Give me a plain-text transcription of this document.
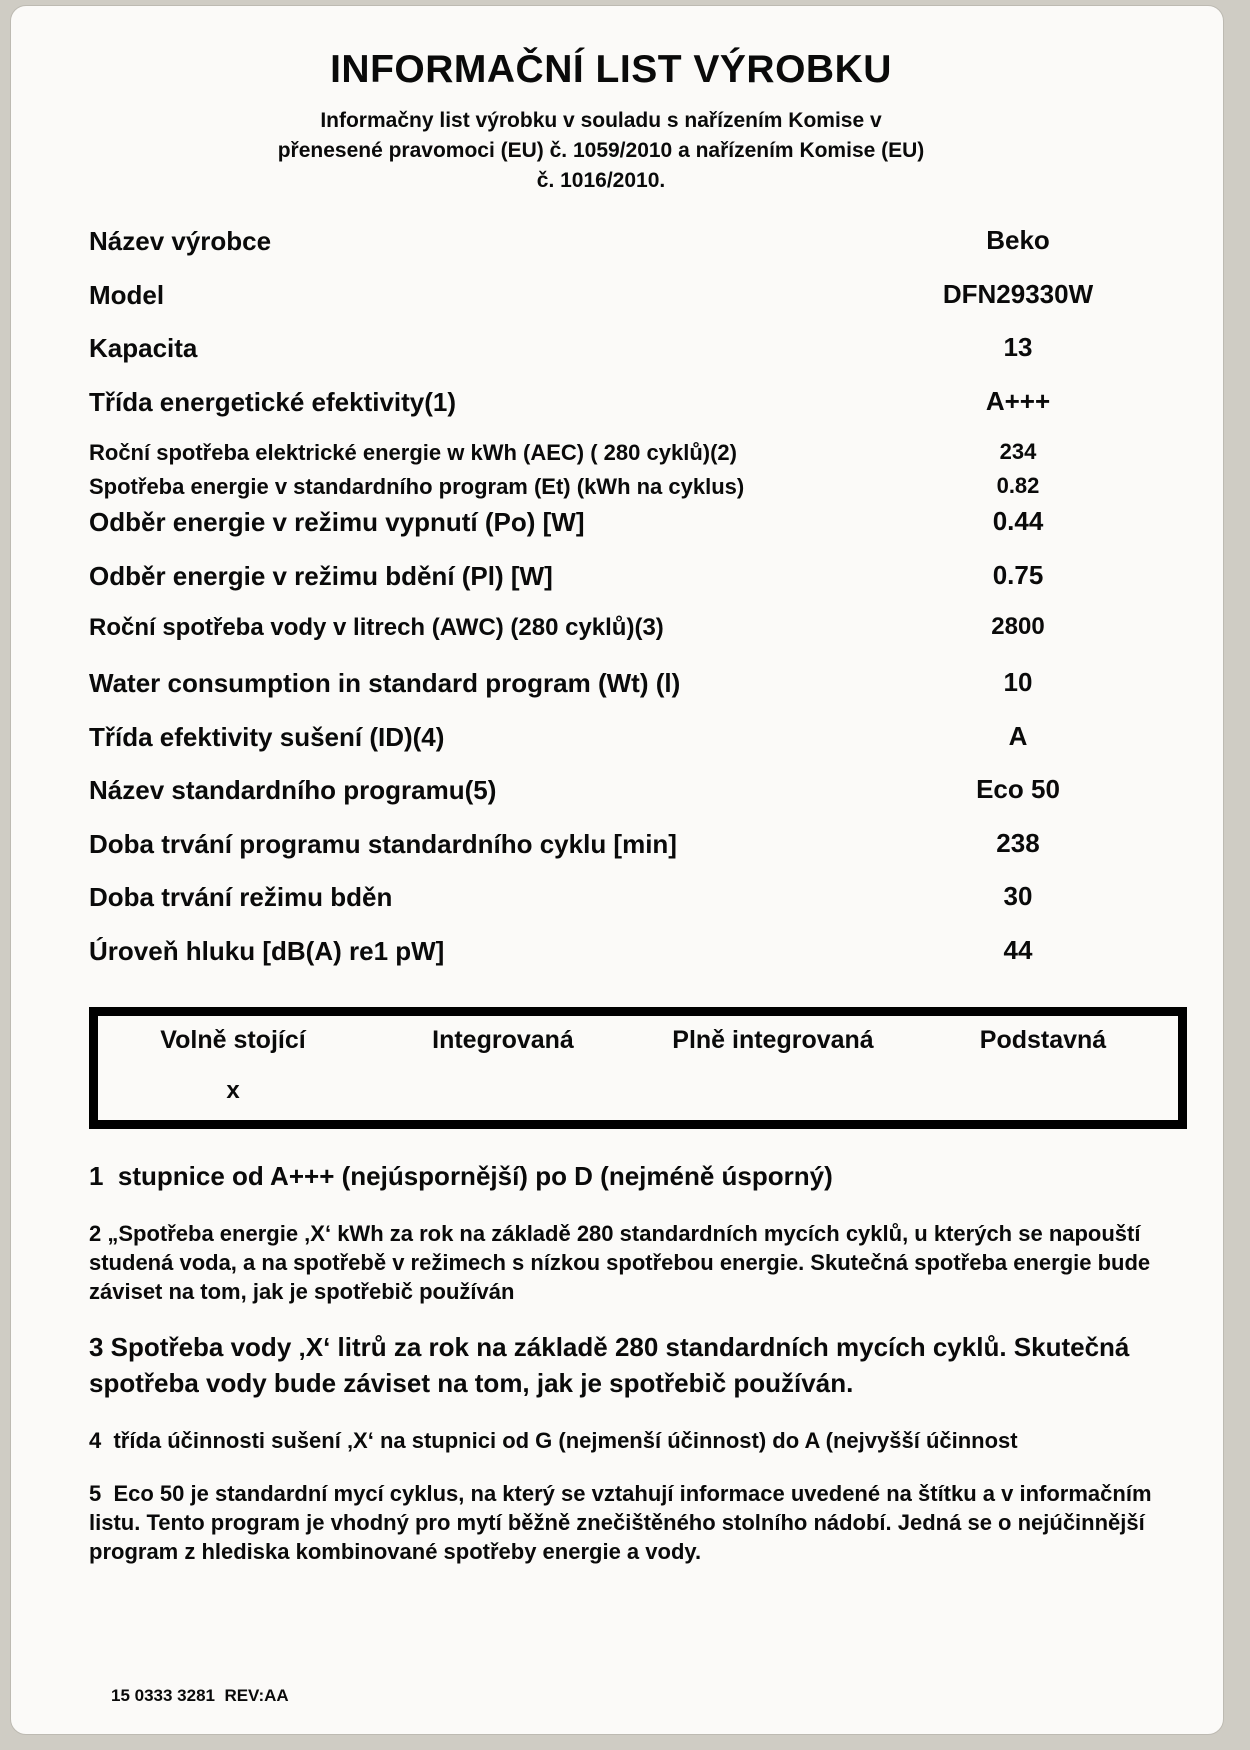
INFORMAČNÍ LIST VÝROBKU
Informačny list výrobku v souladu s nařízením Komise v
přenesené pravomoci (EU) č. 1059/2010 a nařízením Komise (EU)
č. 1016/2010.
Název výrobce	Beko
Model	DFN29330W
Kapacita	13
Třída energetické efektivity(1)	A+++
Roční spotřeba elektrické energie w kWh (AEC) ( 280 cyklů)(2)	234
Spotřeba energie v standardního program (Et) (kWh na cyklus)	0.82
Odběr energie v režimu vypnutí (Po) [W]	0.44
Odběr energie v režimu bdění (Pl) [W]	0.75
Roční spotřeba vody v litrech (AWC) (280 cyklů)(3)	2800
Water consumption in standard program (Wt) (l)	10
Třída efektivity sušení (ID)(4)	A
Název standardního programu(5)	Eco 50
Doba trvání programu standardního cyklu [min]	238
Doba trvání režimu bděn	30
Úroveň hluku [dB(A) re1 pW]	44
Volně stojící	Integrovaná	Plně integrovaná	Podstavná
x

1  stupnice od A+++ (nejúspornější) po D (nejméně úsporný)

2 „Spotřeba energie ‚X‘ kWh za rok na základě 280 standardních mycích cyklů, u kterých se napouští studená voda, a na spotřebě v režimech s nízkou spotřebou energie. Skutečná spotřeba energie bude záviset na tom, jak je spotřebič používán

3 Spotřeba vody ‚X‘ litrů za rok na základě 280 standardních mycích cyklů. Skutečná spotřeba vody bude záviset na tom, jak je spotřebič používán.

4  třída účinnosti sušení ‚X‘ na stupnici od G (nejmenší účinnost) do A (nejvyšší účinnost

5  Eco 50 je standardní mycí cyklus, na který se vztahují informace uvedené na štítku a v informačním listu. Tento program je vhodný pro mytí běžně znečištěného stolního nádobí. Jedná se o nejúčinnější program z hlediska kombinované spotřeby energie a vody.

15 0333 3281  REV:AA
